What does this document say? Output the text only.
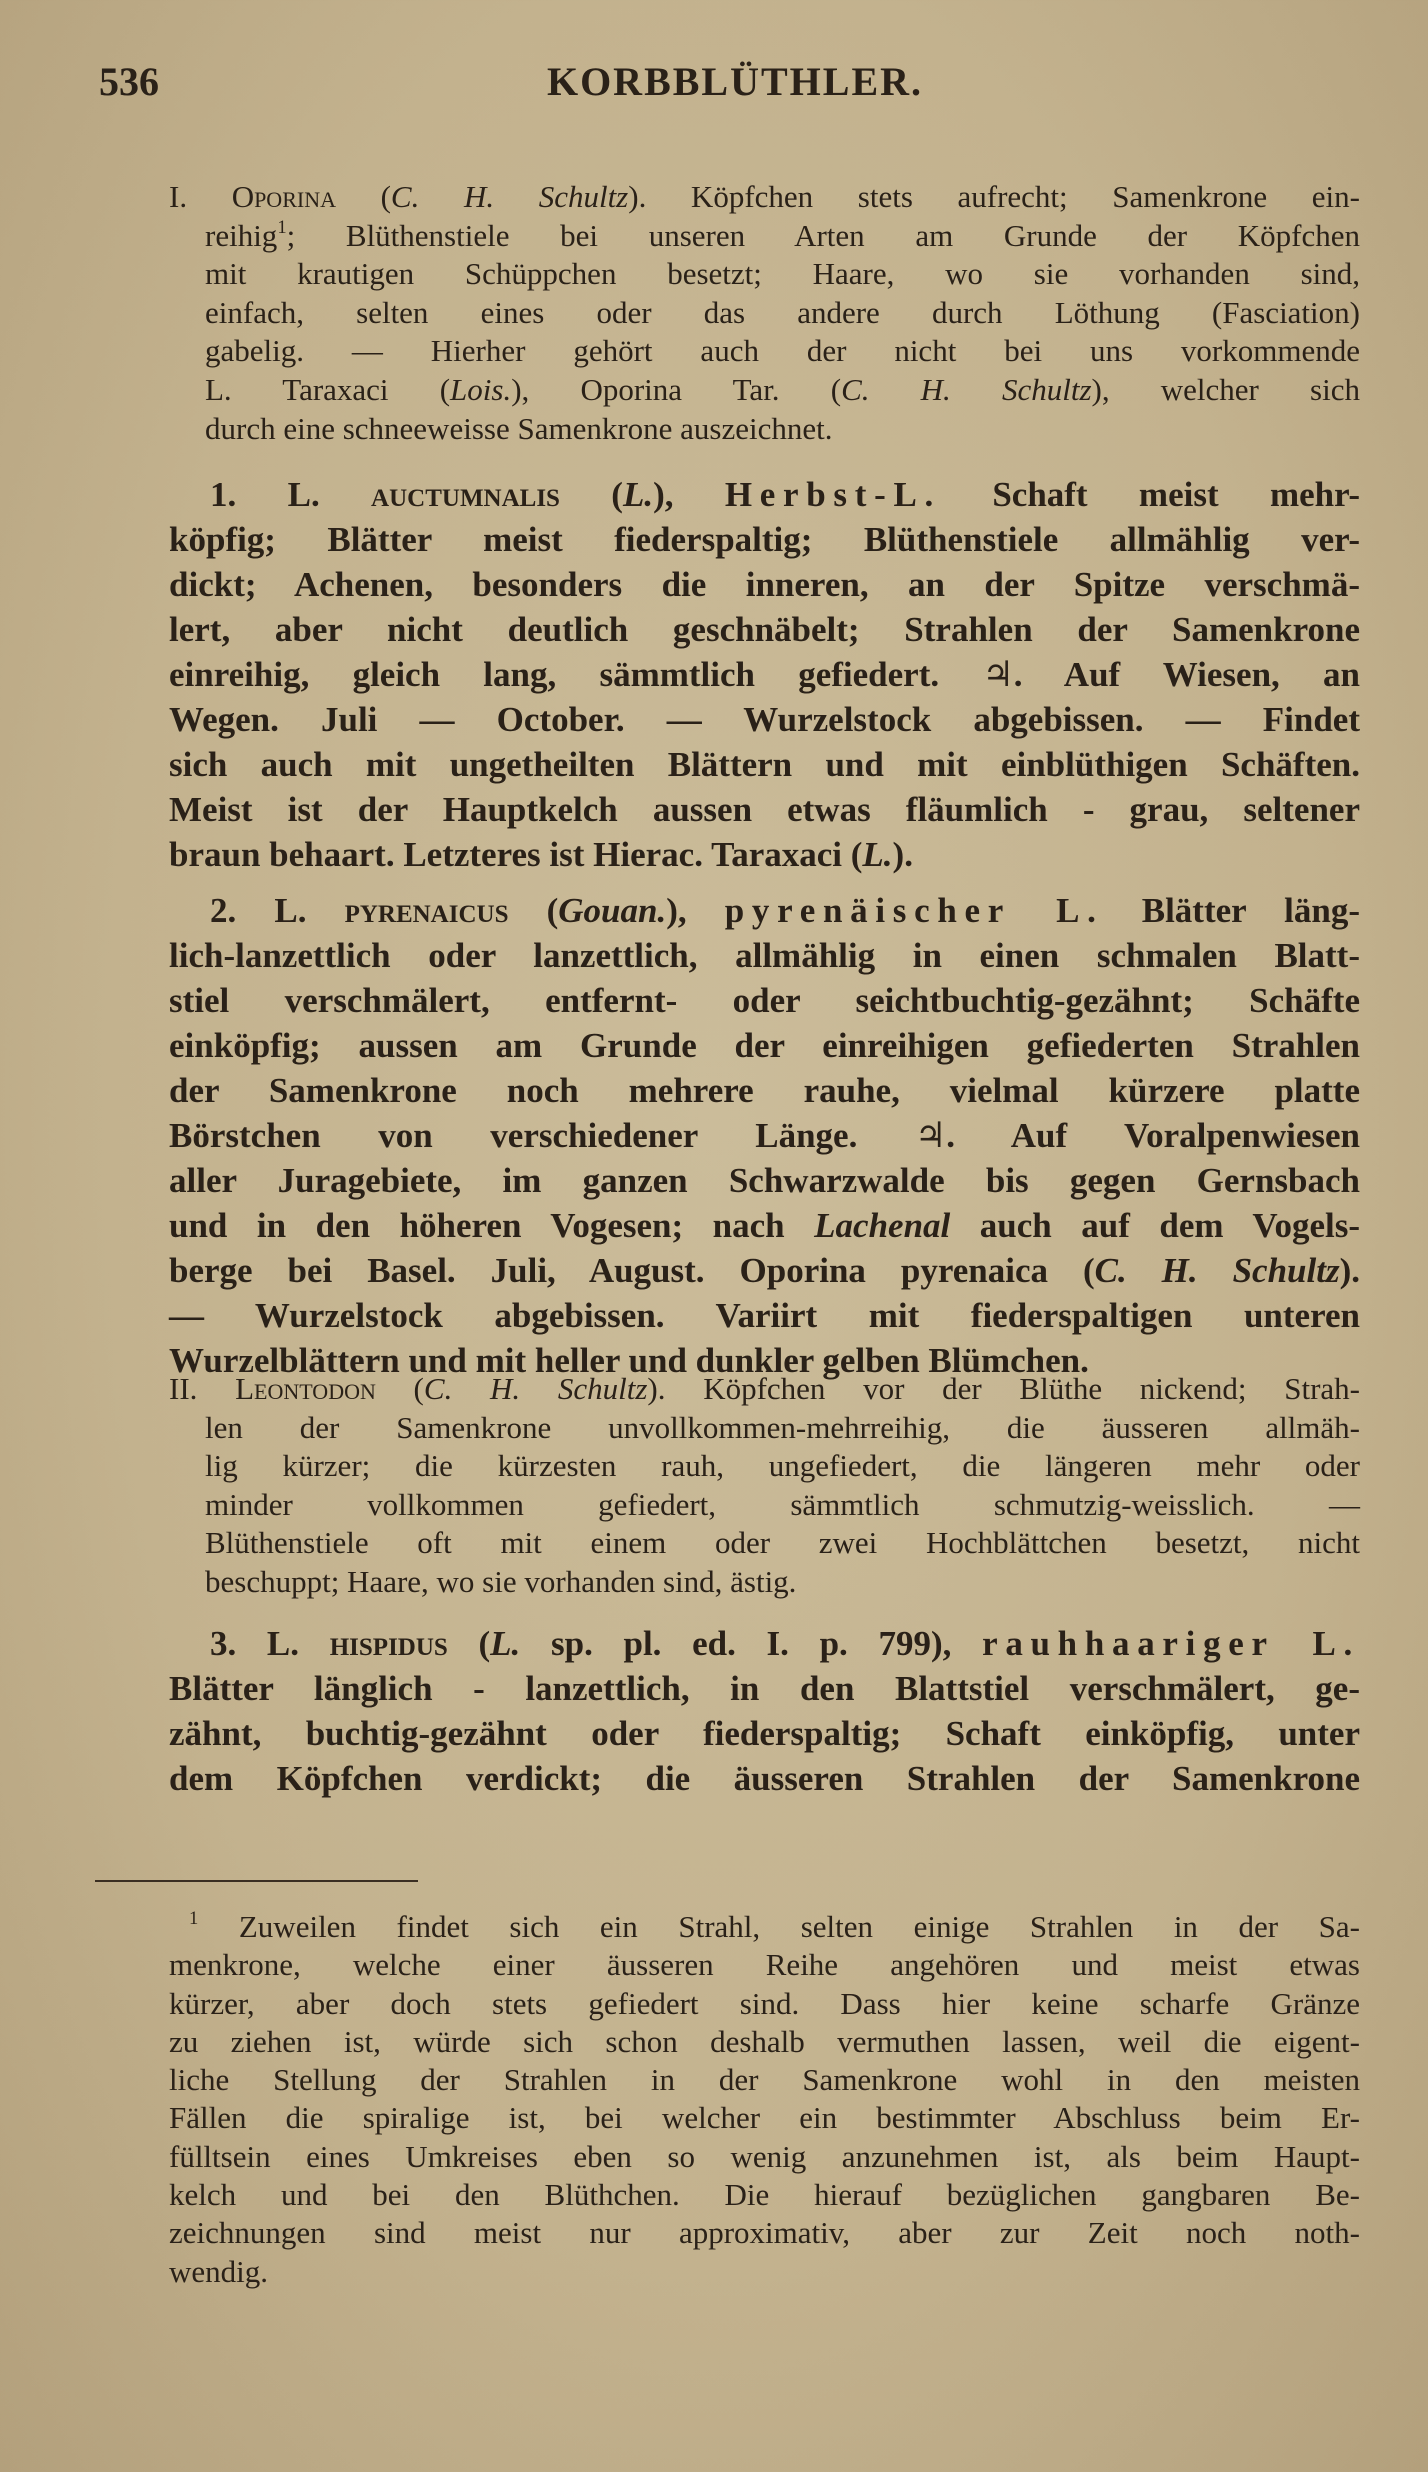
536	KORBBLÜTHLER.
I. Oporina (C. H. Schultz). Köpfchen stets aufrecht; Samenkrone ein-
reihig$^1$; Blüthenstiele bei unseren Arten am Grunde der Köpfchen
mit krautigen Schüppchen besetzt; Haare, wo sie vorhanden sind,
einfach, selten eines oder das andere durch Löthung (Fasciation)
gabelig. — Hierher gehört auch der nicht bei uns vorkommende
L. Taraxaci (Lois.), Oporina Tar. (C. H. Schultz), welcher sich
durch eine schneeweisse Samenkrone auszeichnet.
1. L. auctumnalis (L.), Herbst-L. Schaft meist mehr-
köpfig; Blätter meist fiederspaltig; Blüthenstiele allmählig ver-
dickt; Achenen, besonders die inneren, an der Spitze verschmä-
lert, aber nicht deutlich geschnäbelt; Strahlen der Samenkrone
einreihig, gleich lang, sämmtlich gefiedert. ♃. Auf Wiesen, an
Wegen. Juli — October. — Wurzelstock abgebissen. — Findet
sich auch mit ungetheilten Blättern und mit einblüthigen Schäften.
Meist ist der Hauptkelch aussen etwas fläumlich - grau, seltener
braun behaart. Letzteres ist Hierac. Taraxaci (L.).
2. L. pyrenaicus (Gouan.), pyrenäischer L. Blätter läng-
lich-lanzettlich oder lanzettlich, allmählig in einen schmalen Blatt-
stiel verschmälert, entfernt- oder seichtbuchtig-gezähnt; Schäfte
einköpfig; aussen am Grunde der einreihigen gefiederten Strahlen
der Samenkrone noch mehrere rauhe, vielmal kürzere platte
Börstchen von verschiedener Länge. ♃. Auf Voralpenwiesen
aller Juragebiete, im ganzen Schwarzwalde bis gegen Gernsbach
und in den höheren Vogesen; nach Lachenal auch auf dem Vogels-
berge bei Basel. Juli, August. Oporina pyrenaica (C. H. Schultz).
— Wurzelstock abgebissen. Variirt mit fiederspaltigen unteren
Wurzelblättern und mit heller und dunkler gelben Blümchen.
II. Leontodon (C. H. Schultz). Köpfchen vor der Blüthe nickend; Strah-
len der Samenkrone unvollkommen-mehrreihig, die äusseren allmäh-
lig kürzer; die kürzesten rauh, ungefiedert, die längeren mehr oder
minder vollkommen gefiedert, sämmtlich schmutzig-weisslich. —
Blüthenstiele oft mit einem oder zwei Hochblättchen besetzt, nicht
beschuppt; Haare, wo sie vorhanden sind, ästig.
3. L. hispidus (L. sp. pl. ed. I. p. 799), rauhhaariger L.
Blätter länglich - lanzettlich, in den Blattstiel verschmälert, ge-
zähnt, buchtig-gezähnt oder fiederspaltig; Schaft einköpfig, unter
dem Köpfchen verdickt; die äusseren Strahlen der Samenkrone
$^1$ Zuweilen findet sich ein Strahl, selten einige Strahlen in der Sa-
menkrone, welche einer äusseren Reihe angehören und meist etwas
kürzer, aber doch stets gefiedert sind. Dass hier keine scharfe Gränze
zu ziehen ist, würde sich schon deshalb vermuthen lassen, weil die eigent-
liche Stellung der Strahlen in der Samenkrone wohl in den meisten
Fällen die spiralige ist, bei welcher ein bestimmter Abschluss beim Er-
fülltsein eines Umkreises eben so wenig anzunehmen ist, als beim Haupt-
kelch und bei den Blüthchen. Die hierauf bezüglichen gangbaren Be-
zeichnungen sind meist nur approximativ, aber zur Zeit noch noth-
wendig.
